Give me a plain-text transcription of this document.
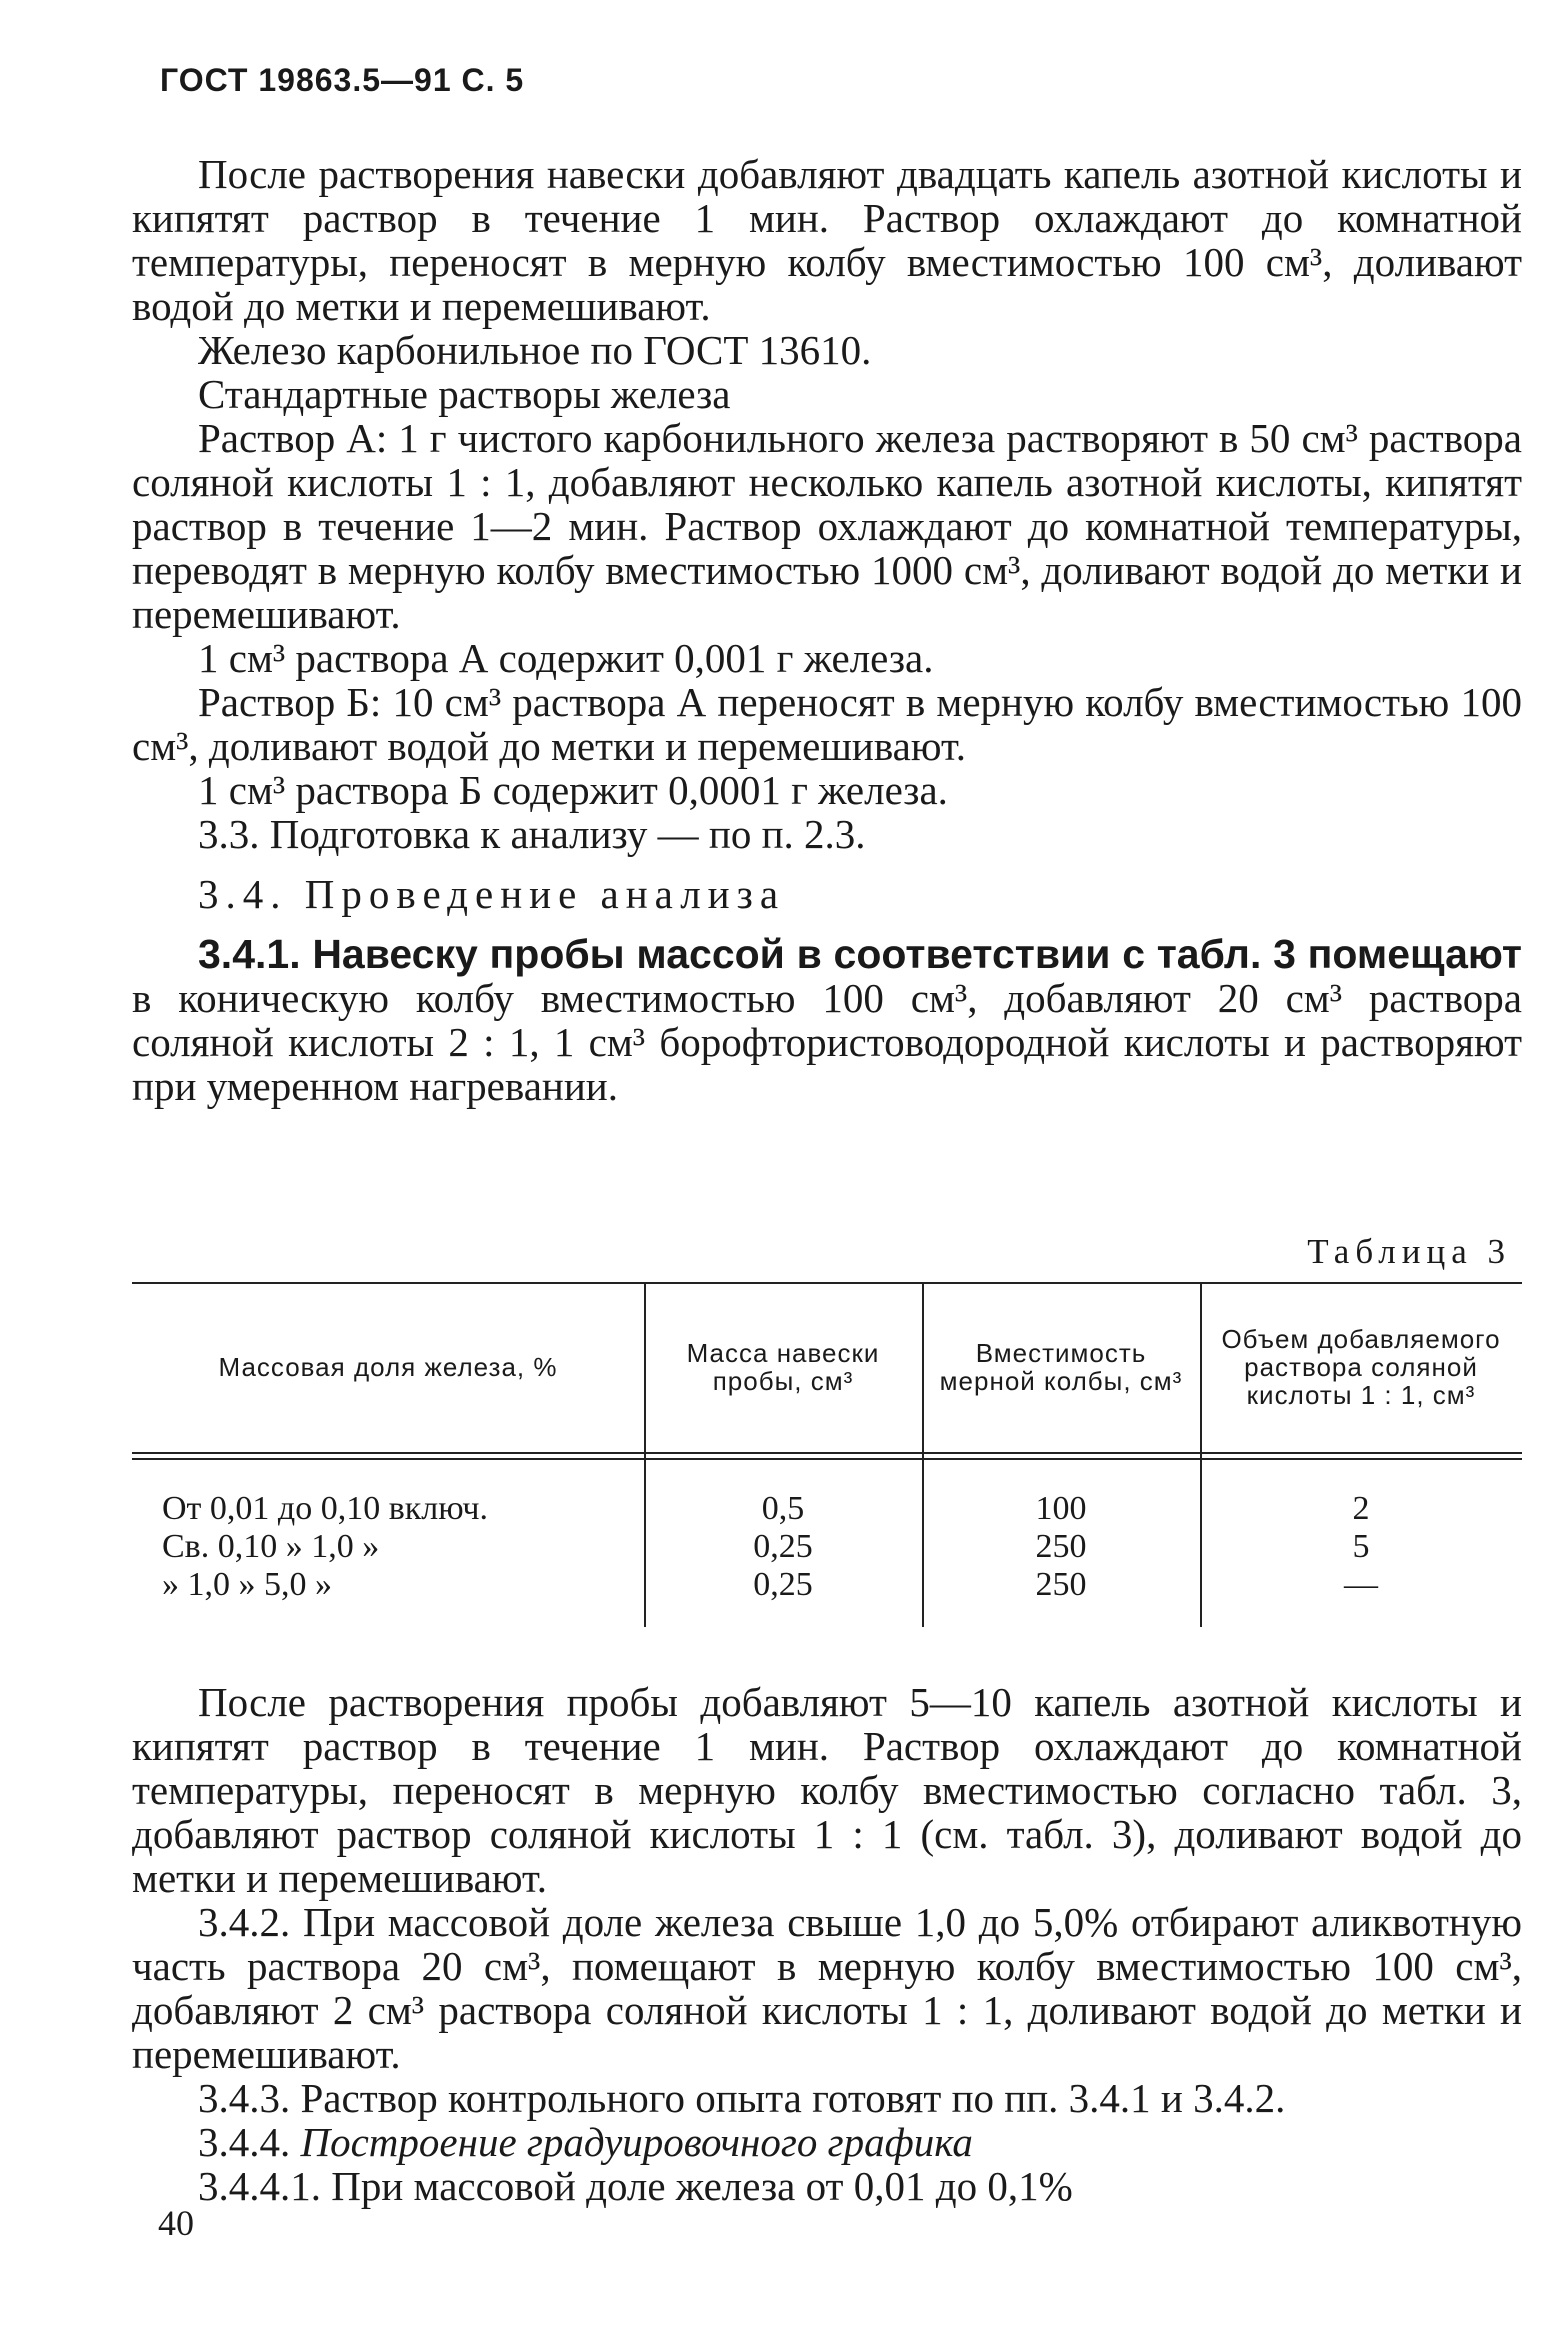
ГОСТ 19863.5—91 С. 5

После растворения навески добавляют двадцать капель азотной кислоты и кипятят раствор в течение 1 мин. Раствор охлаждают до комнатной температуры, переносят в мерную колбу вместимостью 100 см³, доливают водой до метки и перемешивают.

Железо карбонильное по ГОСТ 13610.

Стандартные растворы железа

Раствор А: 1 г чистого карбонильного железа растворяют в 50 см³ раствора соляной кислоты 1 : 1, добавляют несколько капель азотной кислоты, кипятят раствор в течение 1—2 мин. Раствор охлаждают до комнатной температуры, переводят в мерную колбу вместимостью 1000 см³, доливают водой до метки и перемешивают.

1 см³ раствора А содержит 0,001 г железа.

Раствор Б: 10 см³ раствора А переносят в мерную колбу вместимостью 100 см³, доливают водой до метки и перемешивают.

1 см³ раствора Б содержит 0,0001 г железа.

3.3. Подготовка к анализу — по п. 2.3.

3.4. Проведение анализа

3.4.1. Навеску пробы массой в соответствии с табл. 3 помещают в коническую колбу вместимостью 100 см³, добавляют 20 см³ раствора соляной кислоты 2 : 1, 1 см³ борофтористоводородной кислоты и растворяют при умеренном нагревании.

Таблица 3
Массовая доля железа, %	Масса навески пробы, см³
Вместимость мерной колбы, см³
Объем добавляемого раствора соляной кислоты 1 : 1, см³
От 0,01 до 0,10 включ.
Св. 0,10 » 1,0 »
» 1,0 » 5,0 »
0,5
0,25
0,25
100
250
250
2
5
—

После растворения пробы добавляют 5—10 капель азотной кислоты и кипятят раствор в течение 1 мин. Раствор охлаждают до комнатной температуры, переносят в мерную колбу вместимостью согласно табл. 3, добавляют раствор соляной кислоты 1 : 1 (см. табл. 3), доливают водой до метки и перемешивают.

3.4.2. При массовой доле железа свыше 1,0 до 5,0% отбирают аликвотную часть раствора 20 см³, помещают в мерную колбу вместимостью 100 см³, добавляют 2 см³ раствора соляной кислоты 1 : 1, доливают водой до метки и перемешивают.

3.4.3. Раствор контрольного опыта готовят по пп. 3.4.1 и 3.4.2.

3.4.4. Построение градуировочного графика

3.4.4.1. При массовой доле железа от 0,01 до 0,1%

40
